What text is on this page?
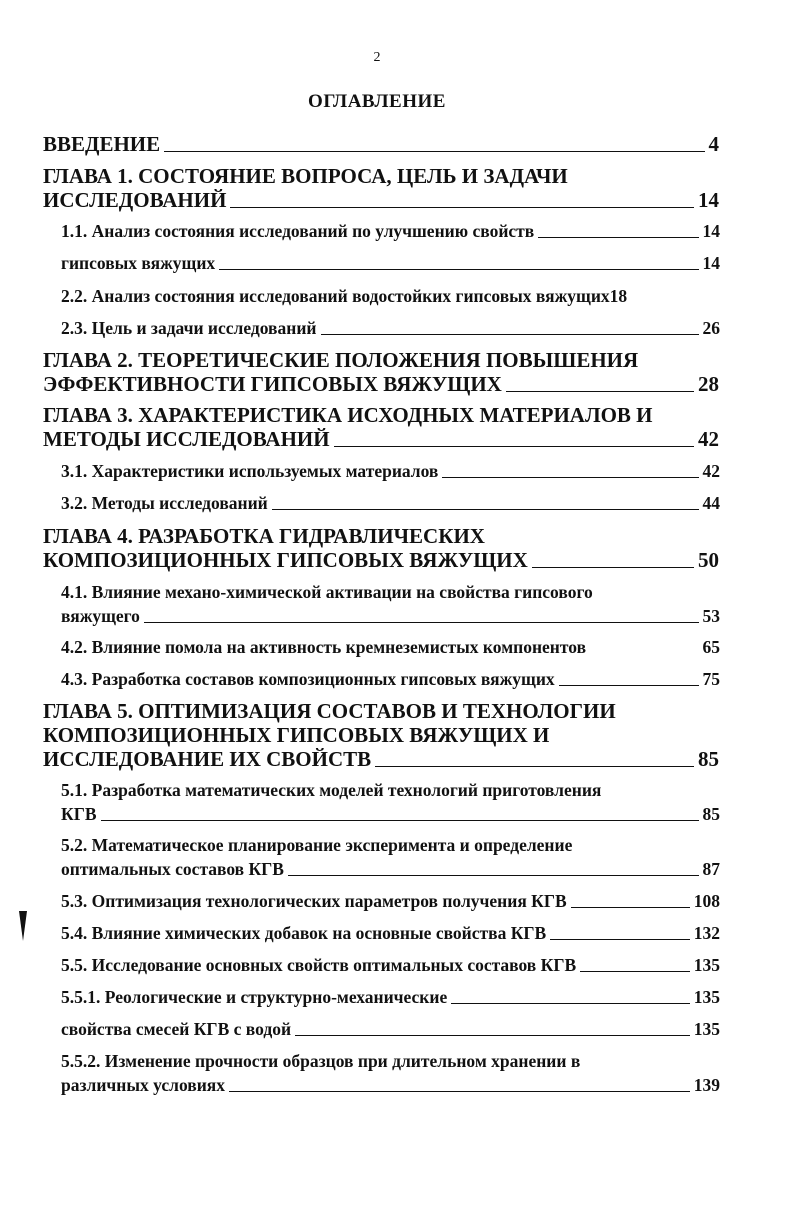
2
ОГЛАВЛЕНИЕ
ВВЕДЕНИЕ	4
ГЛАВА 1. СОСТОЯНИЕ ВОПРОСА, ЦЕЛЬ И ЗАДАЧИ
ИССЛЕДОВАНИЙ	14
1.1. Анализ состояния исследований по улучшению свойств	14
гипсовых вяжущих	14
2.2. Анализ состояния исследований водостойких гипсовых вяжущих 18
2.3. Цель и задачи исследований	26
ГЛАВА 2. ТЕОРЕТИЧЕСКИЕ ПОЛОЖЕНИЯ ПОВЫШЕНИЯ
ЭФФЕКТИВНОСТИ ГИПСОВЫХ ВЯЖУЩИХ	28
ГЛАВА 3. ХАРАКТЕРИСТИКА ИСХОДНЫХ МАТЕРИАЛОВ И
МЕТОДЫ ИССЛЕДОВАНИЙ	42
3.1. Характеристики используемых материалов	42
3.2. Методы исследований	44
ГЛАВА 4. РАЗРАБОТКА ГИДРАВЛИЧЕСКИХ
КОМПОЗИЦИОННЫХ ГИПСОВЫХ ВЯЖУЩИХ	50
4.1. Влияние механо-химической активации на свойства гипсового
вяжущего	53
4.2. Влияние помола на активность кремнеземистых компонентов	65
4.3. Разработка составов композиционных гипсовых вяжущих	75
ГЛАВА 5. ОПТИМИЗАЦИЯ СОСТАВОВ И ТЕХНОЛОГИИ
КОМПОЗИЦИОННЫХ ГИПСОВЫХ ВЯЖУЩИХ И
ИССЛЕДОВАНИЕ ИХ СВОЙСТВ	85
5.1. Разработка математических моделей технологий приготовления
КГВ	85
5.2. Математическое планирование эксперимента и определение
оптимальных составов КГВ	87
5.3. Оптимизация технологических параметров получения КГВ	108
5.4. Влияние химических добавок на основные свойства КГВ	132
5.5. Исследование основных свойств оптимальных составов КГВ	135
5.5.1. Реологические и структурно-механические	135
свойства смесей КГВ с водой	135
5.5.2. Изменение прочности образцов при длительном хранении в
различных условиях	139
